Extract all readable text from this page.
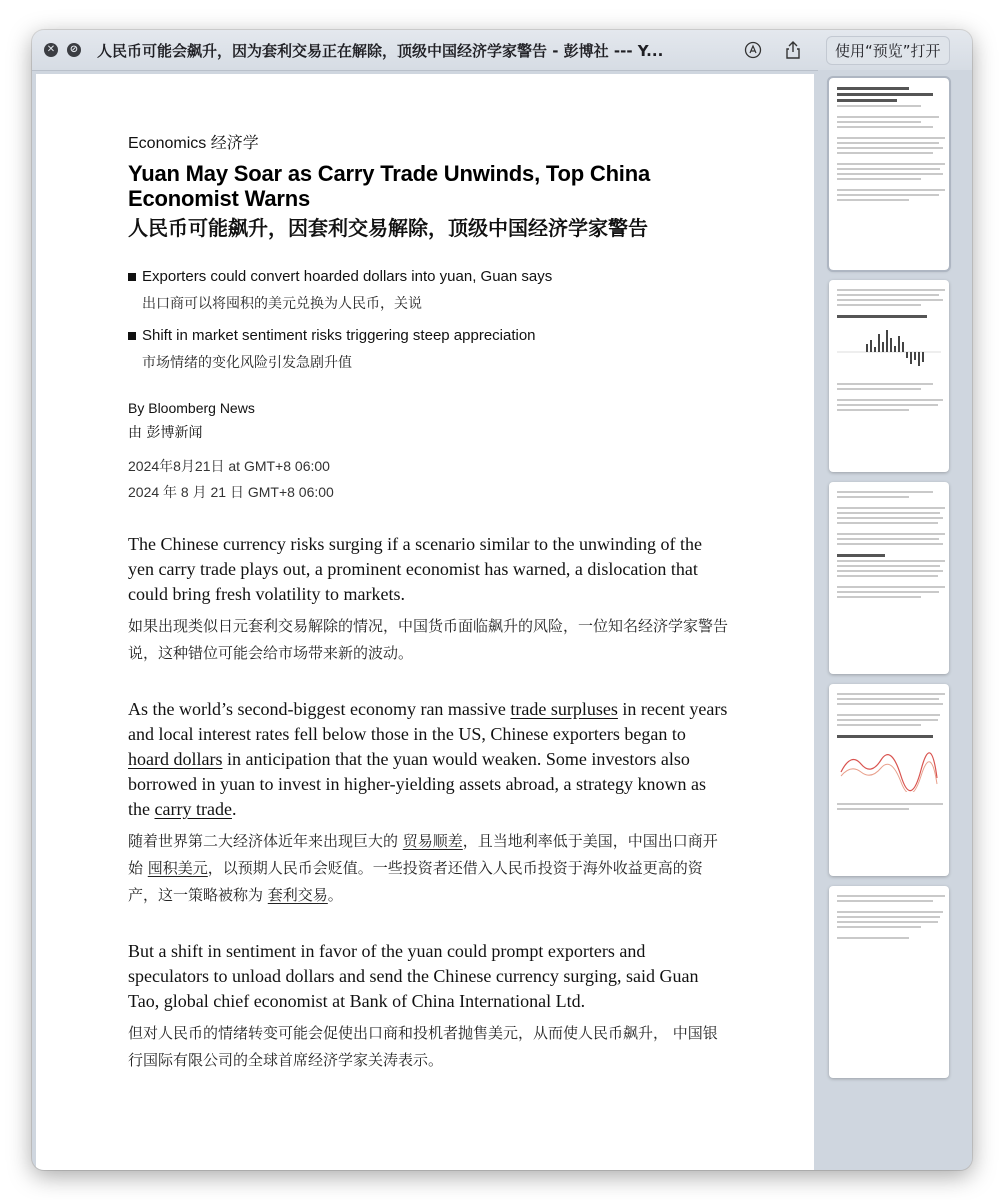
✕ ⊘ 人民币可能会飙升，因为套利交易正在解除，顶级中国经济学家警告 - 彭博社 --- Y...	使用“预览”打开
Economics 经济学
Yuan May Soar as Carry Trade Unwinds, Top China Economist Warns
人民币可能飙升，因套利交易解除，顶级中国经济学家警告
Exporters could convert hoarded dollars into yuan, Guan says
出口商可以将囤积的美元兑换为人民币，关说
Shift in market sentiment risks triggering steep appreciation
市场情绪的变化风险引发急剧升值
By Bloomberg News
由 彭博新闻
2024年8月21日 at GMT+8 06:00
2024 年 8 月 21 日 GMT+8 06:00
The Chinese currency risks surging if a scenario similar to the unwinding of the yen carry trade plays out, a prominent economist has warned, a dislocation that could bring fresh volatility to markets.
如果出现类似日元套利交易解除的情况，中国货币面临飙升的风险，一位知名经济学家警告说，这种错位可能会给市场带来新的波动。
As the world’s second-biggest economy ran massive trade surpluses in recent years and local interest rates fell below those in the US, Chinese exporters began to hoard dollars in anticipation that the yuan would weaken. Some investors also borrowed in yuan to invest in higher-yielding assets abroad, a strategy known as the carry trade.
随着世界第二大经济体近年来出现巨大的 贸易顺差，且当地利率低于美国，中国出口商开始 囤积美元，以预期人民币会贬值。一些投资者还借入人民币投资于海外收益更高的资产，这一策略被称为 套利交易。
But a shift in sentiment in favor of the yuan could prompt exporters and speculators to unload dollars and send the Chinese currency surging, said Guan Tao, global chief economist at Bank of China International Ltd.
但对人民币的情绪转变可能会促使出口商和投机者抛售美元，从而使人民币飙升， 中国银行国际有限公司的全球首席经济学家关涛表示。
